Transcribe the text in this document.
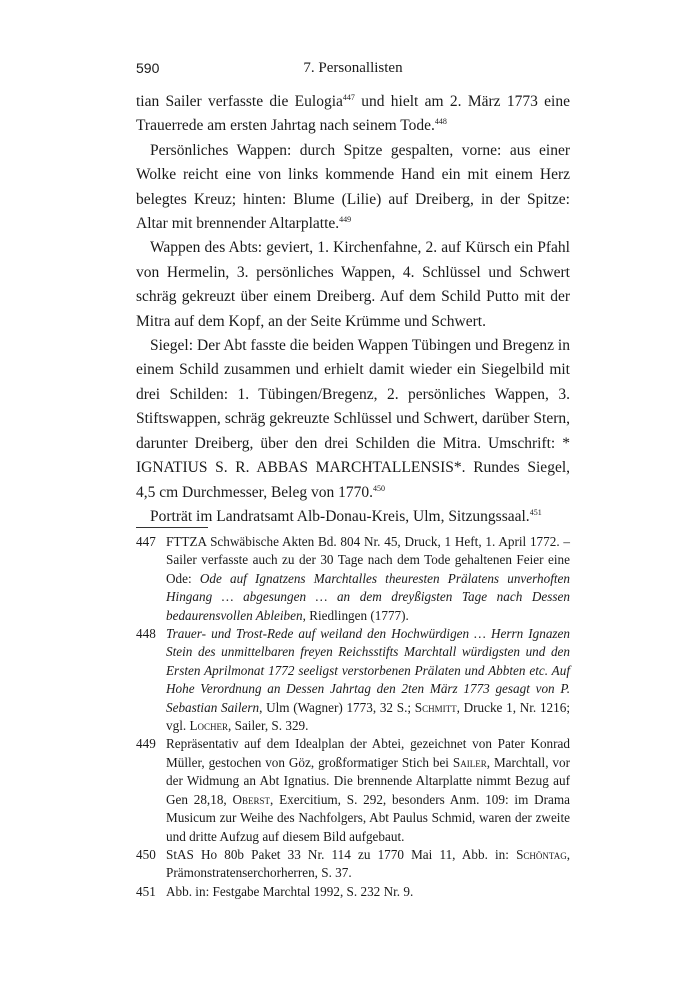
590	7. Personallisten

tian Sailer verfasste die Eulogia$^{447}$ und hielt am 2. März 1773 eine Trauerrede am ersten Jahrtag nach seinem Tode.$^{448}$

Persönliches Wappen: durch Spitze gespalten, vorne: aus einer Wolke reicht eine von links kommende Hand ein mit einem Herz belegtes Kreuz; hinten: Blume (Lilie) auf Dreiberg, in der Spitze: Altar mit brennender Altarplatte.$^{449}$

Wappen des Abts: geviert, 1. Kirchenfahne, 2. auf Kürsch ein Pfahl von Hermelin, 3. persönliches Wappen, 4. Schlüssel und Schwert schräg gekreuzt über einem Dreiberg. Auf dem Schild Putto mit der Mitra auf dem Kopf, an der Seite Krümme und Schwert.

Siegel: Der Abt fasste die beiden Wappen Tübingen und Bregenz in einem Schild zusammen und erhielt damit wieder ein Siegelbild mit drei Schilden: 1. Tübingen/Bregenz, 2. persönliches Wappen, 3. Stiftswappen, schräg gekreuzte Schlüssel und Schwert, darüber Stern, darunter Dreiberg, über den drei Schilden die Mitra. Umschrift: * IGNATIUS S. R. ABBAS MARCHTALLENSIS*. Rundes Siegel, 4,5 cm Durchmesser, Beleg von 1770.$^{450}$

Porträt im Landratsamt Alb-Donau-Kreis, Ulm, Sitzungssaal.$^{451}$

447 FTTZA Schwäbische Akten Bd. 804 Nr. 45, Druck, 1 Heft, 1. April 1772. – Sailer verfasste auch zu der 30 Tage nach dem Tode gehaltenen Feier eine Ode: Ode auf Ignatzens Marchtalles theuresten Prälatens unverhoften Hingang … abgesungen … an dem dreyßigsten Tage nach Dessen bedaurensvollen Ableiben, Riedlingen (1777).
448 Trauer- und Trost-Rede auf weiland den Hochwürdigen … Herrn Ignazen Stein des unmittelbaren freyen Reichsstifts Marchtall würdigsten und den Ersten Aprilmonat 1772 seeligst verstorbenen Prälaten und Abbten etc. Auf Hohe Verordnung an Dessen Jahrtag den 2ten März 1773 gesagt von P. Sebastian Sailern, Ulm (Wagner) 1773, 32 S.; Schmitt, Drucke 1, Nr. 1216; vgl. Locher, Sailer, S. 329.
449 Repräsentativ auf dem Idealplan der Abtei, gezeichnet von Pater Konrad Müller, gestochen von Göz, großformatiger Stich bei Sailer, Marchtall, vor der Widmung an Abt Ignatius. Die brennende Altarplatte nimmt Bezug auf Gen 28,18, Oberst, Exercitium, S. 292, besonders Anm. 109: im Drama Musicum zur Weihe des Nachfolgers, Abt Paulus Schmid, waren der zweite und dritte Aufzug auf diesem Bild aufgebaut.
450 StAS Ho 80b Paket 33 Nr. 114 zu 1770 Mai 11, Abb. in: Schöntag, Prämonstratenserchorherren, S. 37.
451 Abb. in: Festgabe Marchtal 1992, S. 232 Nr. 9.
